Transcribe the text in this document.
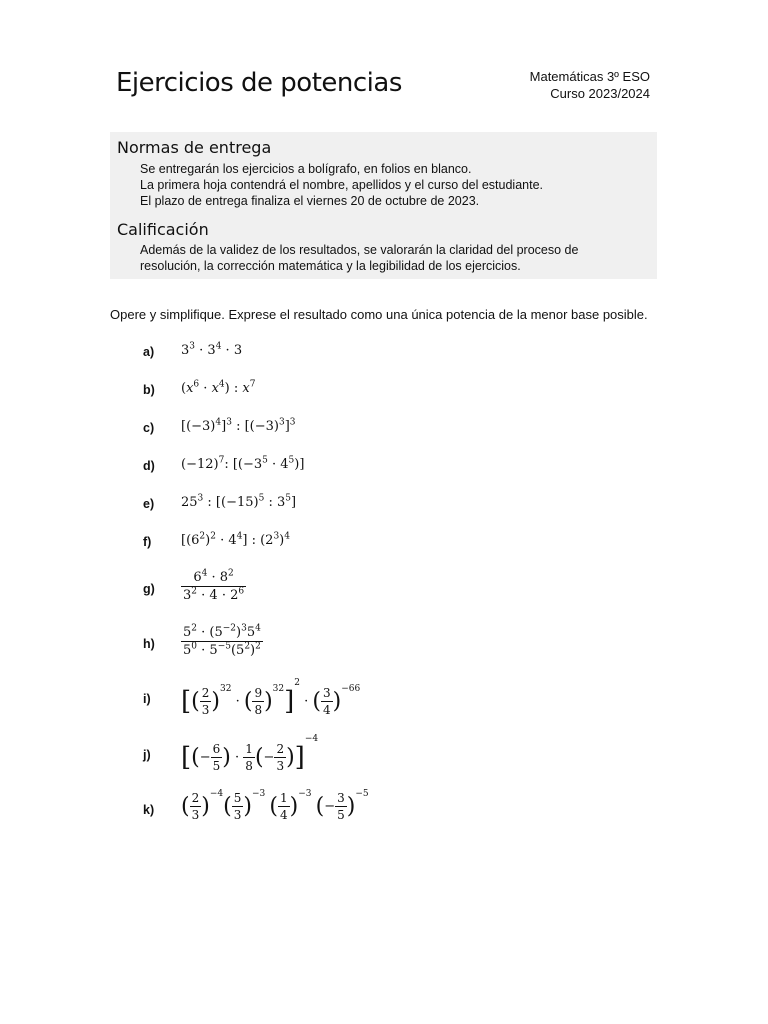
Ejercicios de potencias	Matemáticas 3º ESO
Curso 2023/2024
Normas de entrega
Se entregarán los ejercicios a bolígrafo, en folios en blanco.
La primera hoja contendrá el nombre, apellidos y el curso del estudiante.
El plazo de entrega finaliza el viernes 20 de octubre de 2023.
Calificación
Además de la validez de los resultados, se valorarán la claridad del proceso de
resolución, la corrección matemática y la legibilidad de los ejercicios.
Opere y simplifique. Exprese el resultado como una única potencia de la menor base posible.
a) $3^3 \cdot 3^4 \cdot 3$
b) $(x^6 \cdot x^4)$ : $x^7$
c) $[(-3)^4]^3$ : $[(-3)^3]^3$
d) $(-12)^7$: $[(-3^5 \cdot 4^5)]$
e) $25^3$ : [$(-15)^5$ : $3^5$]
f) $[(6^2)^2 \cdot 4^4]$ : $(2^3)^4$
$g) \frac{6^4 \cdot 8^2}{3^2 \cdot 4 \cdot 2^6}$
$h) \frac{5^2 \cdot (5^{-2})^35^4}{5^0 \cdot 5^{-5}(5^2)^2}$
i) [( $\frac{2}{3} )^{32}$ · ( $\frac{9}{8} )^{32}]^2$ · ( $\frac{3}{4} )^{-66}$
j) [(− $\frac{6}{5}$ ) · $\frac{1}{8}$ (− $\frac{2}{3} )]^{-4}$
k) ( $\frac{2}{3} )^{-4}( \frac{5}{3} )^{-3}$ ( $\frac{1}{4} )^{-3}$ (− $\frac{3}{5} )^{-5}$
